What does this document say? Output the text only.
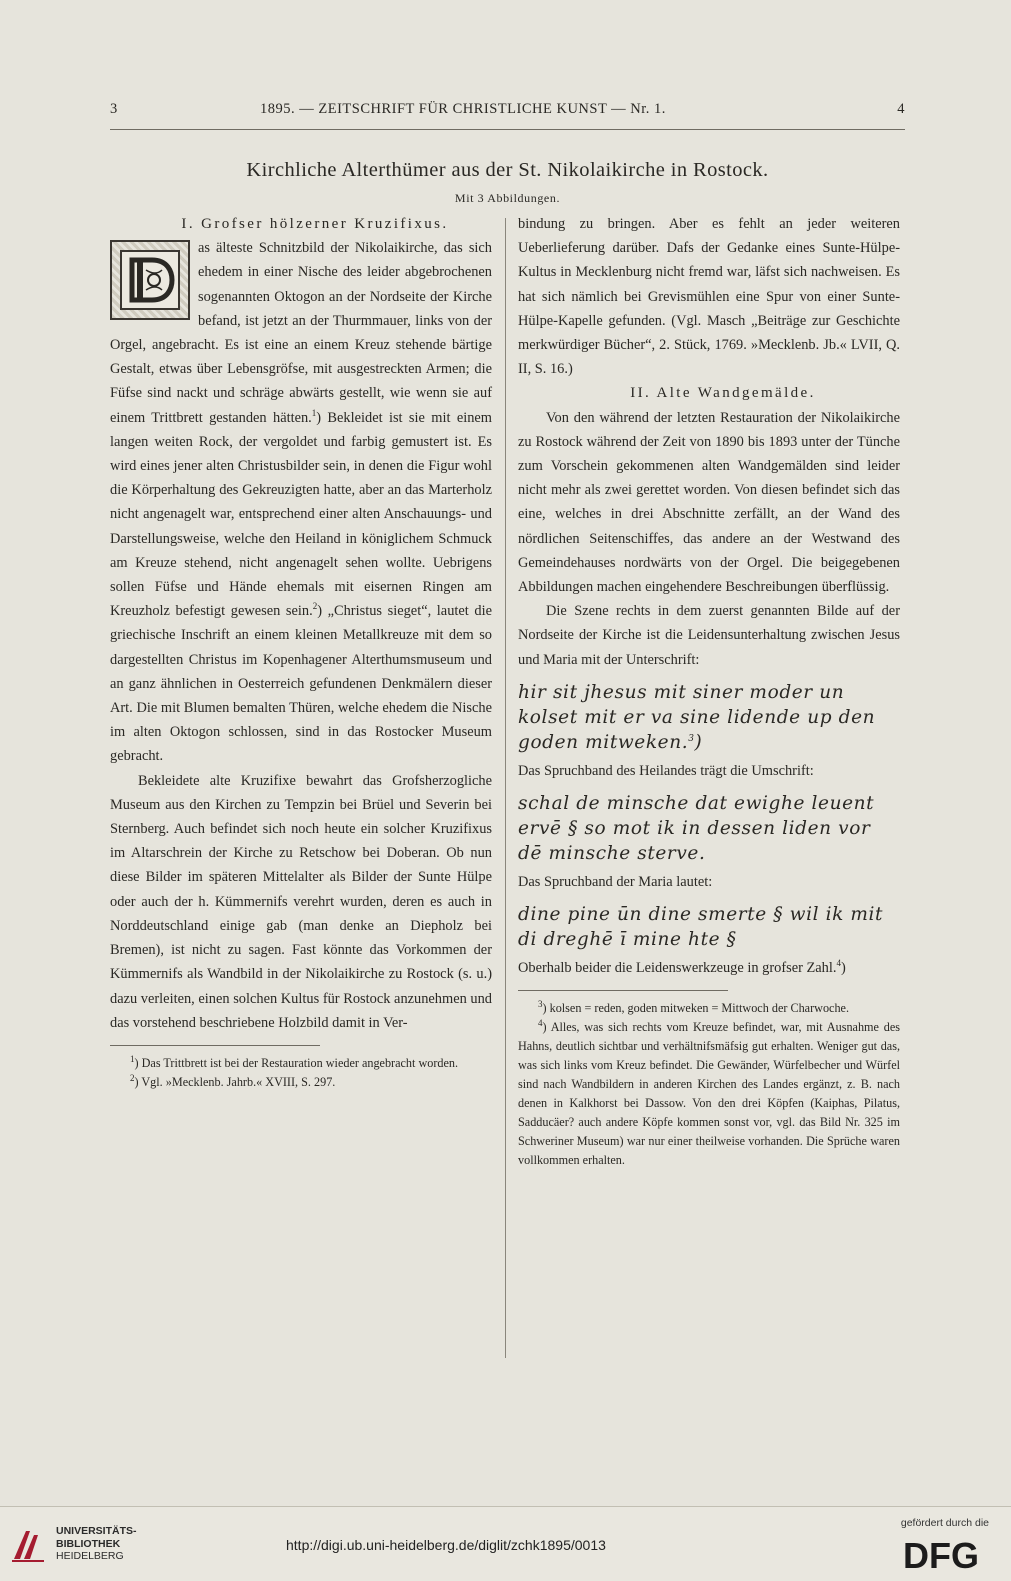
3	1895. — ZEITSCHRIFT FÜR CHRISTLICHE KUNST — Nr. 1.	4
Kirchliche Alterthümer aus der St. Nikolaikirche in Rostock.
Mit 3 Abbildungen.

I. Grofser hölzerner Kruzifixus.

as älteste Schnitzbild der Nikolaikirche, das sich ehedem in einer Nische des leider abgebrochenen sogenannten Oktogon an der Nordseite der Kirche befand, ist jetzt an der Thurmmauer, links von der Orgel, angebracht. Es ist eine an einem Kreuz stehende bärtige Gestalt, etwas über Lebensgröfse, mit ausgestreckten Armen; die Füfse sind nackt und schräge abwärts gestellt, wie wenn sie auf einem Trittbrett gestanden hätten.$^1$) Bekleidet ist sie mit einem langen weiten Rock, der vergoldet und farbig gemustert ist. Es wird eines jener alten Christusbilder sein, in denen die Figur wohl die Körperhaltung des Gekreuzigten hatte, aber an das Marterholz nicht angenagelt war, entsprechend einer alten Anschauungs- und Darstellungsweise, welche den Heiland in königlichem Schmuck am Kreuze stehend, nicht angenagelt sehen wollte. Uebrigens sollen Füfse und Hände ehemals mit eisernen Ringen am Kreuzholz befestigt gewesen sein.$^2$) „Christus sieget“, lautet die griechische Inschrift an einem kleinen Metallkreuze mit dem so dargestellten Christus im Kopenhagener Alterthumsmuseum und an ganz ähnlichen in Oesterreich gefundenen Denkmälern dieser Art. Die mit Blumen bemalten Thüren, welche ehedem die Nische im alten Oktogon schlossen, sind in das Rostocker Museum gebracht.

Bekleidete alte Kruzifixe bewahrt das Grofsherzogliche Museum aus den Kirchen zu Tempzin bei Brüel und Severin bei Sternberg. Auch befindet sich noch heute ein solcher Kruzifixus im Altarschrein der Kirche zu Retschow bei Doberan. Ob nun diese Bilder im späteren Mittelalter als Bilder der Sunte Hülpe oder auch der h. Kümmernifs verehrt wurden, deren es auch in Norddeutschland einige gab (man denke an Diepholz bei Bremen), ist nicht zu sagen. Fast könnte das Vorkommen der Kümmernifs als Wandbild in der Nikolaikirche zu Rostock (s. u.) dazu verleiten, einen solchen Kultus für Rostock anzunehmen und das vorstehend beschriebene Holzbild damit in Ver-

$^1$) Das Trittbrett ist bei der Restauration wieder angebracht worden.

$^2$) Vgl. »Mecklenb. Jahrb.« XVIII, S. 297.

bindung zu bringen. Aber es fehlt an jeder weiteren Ueberlieferung darüber. Dafs der Gedanke eines Sunte-Hülpe-Kultus in Mecklenburg nicht fremd war, läfst sich nachweisen. Es hat sich nämlich bei Grevismühlen eine Spur von einer Sunte-Hülpe-Kapelle gefunden. (Vgl. Masch „Beiträge zur Geschichte merkwürdiger Bücher“, 2. Stück, 1769. »Mecklenb. Jb.« LVII, Q. II, S. 16.)

II. Alte Wandgemälde.

Von den während der letzten Restauration der Nikolaikirche zu Rostock während der Zeit von 1890 bis 1893 unter der Tünche zum Vorschein gekommenen alten Wandgemälden sind leider nicht mehr als zwei gerettet worden. Von diesen befindet sich das eine, welches in drei Abschnitte zerfällt, an der Wand des nördlichen Seitenschiffes, das andere an der Westwand des Gemeindehauses nordwärts von der Orgel. Die beigegebenen Abbildungen machen eingehendere Beschreibungen überflüssig.

Die Szene rechts in dem zuerst genannten Bilde auf der Nordseite der Kirche ist die Leidensunterhaltung zwischen Jesus und Maria mit der Unterschrift:

hir sit jhesus mit siner moder un kolset mit er va sine lidende up den goden mitweken.$^3$)

Das Spruchband des Heilandes trägt die Umschrift:

schal de minsche dat ewighe leuent ervē § so mot ik in dessen liden vor dē minsche sterve.

Das Spruchband der Maria lautet:

dine pine ūn dine smerte § wil ik mit di dreghē ī mine hte §

Oberhalb beider die Leidenswerkzeuge in grofser Zahl.$^4$)

$^3$) kolsen = reden, goden mitweken = Mittwoch der Charwoche.

$^4$) Alles, was sich rechts vom Kreuze befindet, war, mit Ausnahme des Hahns, deutlich sichtbar und verhältnifsmäfsig gut erhalten. Weniger gut das, was sich links vom Kreuz befindet. Die Gewänder, Würfelbecher und Würfel sind nach Wandbildern in anderen Kirchen des Landes ergänzt, z. B. nach denen in Kalkhorst bei Dassow. Von den drei Köpfen (Kaiphas, Pilatus, Sadducäer? auch andere Köpfe kommen sonst vor, vgl. das Bild Nr. 325 im Schweriner Museum) war nur einer theilweise vorhanden. Die Sprüche waren vollkommen erhalten.

UNIVERSITÄTS-
BIBLIOTHEK
HEIDELBERG
http://digi.ub.uni-heidelberg.de/diglit/zchk1895/0013
gefördert durch die
DFG
